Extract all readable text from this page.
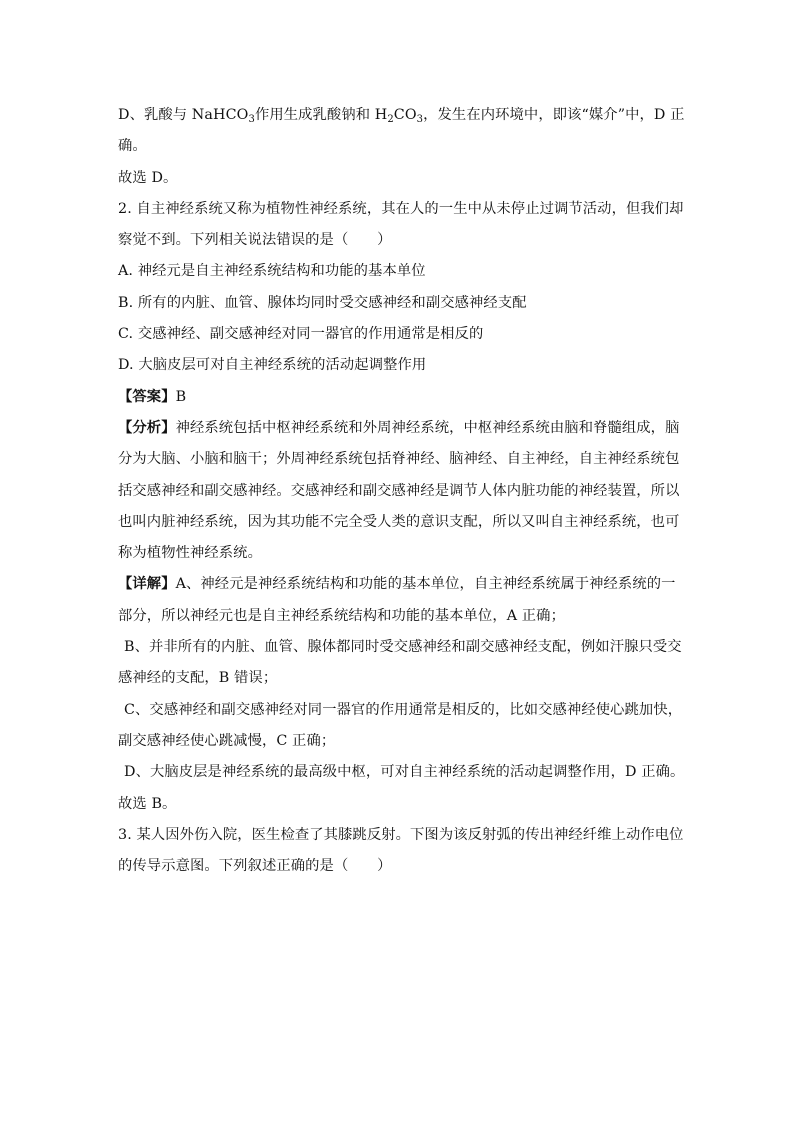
D、乳酸与 NaHCO$_3$作用生成乳酸钠和 $H_2CO_3$，发生在内环境中，即该“媒介”中，D 正
确。
故选 D。
2. 自主神经系统又称为植物性神经系统，其在人的一生中从未停止过调节活动，但我们却
察觉不到。下列相关说法错误的是（　　）
A. 神经元是自主神经系统结构和功能的基本单位
B. 所有的内脏、血管、腺体均同时受交感神经和副交感神经支配
C. 交感神经、副交感神经对同一器官的作用通常是相反的
D. 大脑皮层可对自主神经系统的活动起调整作用
【答案】B
【分析】神经系统包括中枢神经系统和外周神经系统，中枢神经系统由脑和脊髓组成，脑
分为大脑、小脑和脑干；外周神经系统包括脊神经、脑神经、自主神经，自主神经系统包
括交感神经和副交感神经。交感神经和副交感神经是调节人体内脏功能的神经装置，所以
也叫内脏神经系统，因为其功能不完全受人类的意识支配，所以又叫自主神经系统，也可
称为植物性神经系统。
【详解】A、神经元是神经系统结构和功能的基本单位，自主神经系统属于神经系统的一
部分，所以神经元也是自主神经系统结构和功能的基本单位，A 正确；
B、并非所有的内脏、血管、腺体都同时受交感神经和副交感神经支配，例如汗腺只受交
感神经的支配，B 错误；
C、交感神经和副交感神经对同一器官的作用通常是相反的，比如交感神经使心跳加快，
副交感神经使心跳减慢，C 正确；
D、大脑皮层是神经系统的最高级中枢，可对自主神经系统的活动起调整作用，D 正确。
故选 B。
3. 某人因外伤入院，医生检查了其膝跳反射。下图为该反射弧的传出神经纤维上动作电位
的传导示意图。下列叙述正确的是（　　）
